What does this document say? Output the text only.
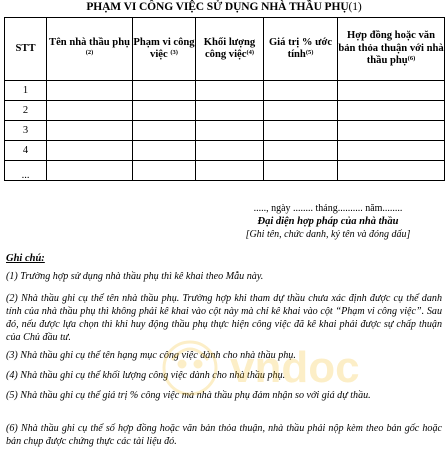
PHẠM VI CÔNG VIỆC SỬ DỤNG NHÀ THẦU PHỤ(1)
STT	Tên nhà thầu phụ $^{(2)}$	Phạm vi công việc $^{(3)}$	Khối lượng công việc$^{(4)}$	Giá trị % ước tính$^{(5)}$	Hợp đồng hoặc văn bản thỏa thuận với nhà thầu phụ$^{(6)}$
1					
2					
3					
4					
...					
....., ngày ........ tháng.......... năm........
Đại diện hợp pháp của nhà thầu
[Ghi tên, chức danh, ký tên và đóng dấu]
Ghi chú:
(1) Trường hợp sử dụng nhà thầu phụ thì kê khai theo Mẫu này.
(2) Nhà thầu ghi cụ thể tên nhà thầu phụ. Trường hợp khi tham dự thầu chưa xác định được cụ thể danh tính của nhà thầu phụ thì không phải kê khai vào cột này mà chỉ kê khai vào cột “Phạm vi công việc”. Sau đó, nếu được lựa chọn thì khi huy động thầu phụ thực hiện công việc đã kê khai phải được sự chấp thuận của Chủ đầu tư.
(3) Nhà thầu ghi cụ thể tên hạng mục công việc dành cho nhà thầu phụ.
(4) Nhà thầu ghi cụ thể khối lượng công việc dành cho nhà thầu phụ.
(5) Nhà thầu ghi cụ thể giá trị % công việc mà nhà thầu phụ đảm nhận so với giá dự thầu.
(6) Nhà thầu ghi cụ thể số hợp đồng hoặc văn bản thỏa thuận, nhà thầu phải nộp kèm theo bản gốc hoặc bản chụp được chứng thực các tài liệu đó.
vndoc
